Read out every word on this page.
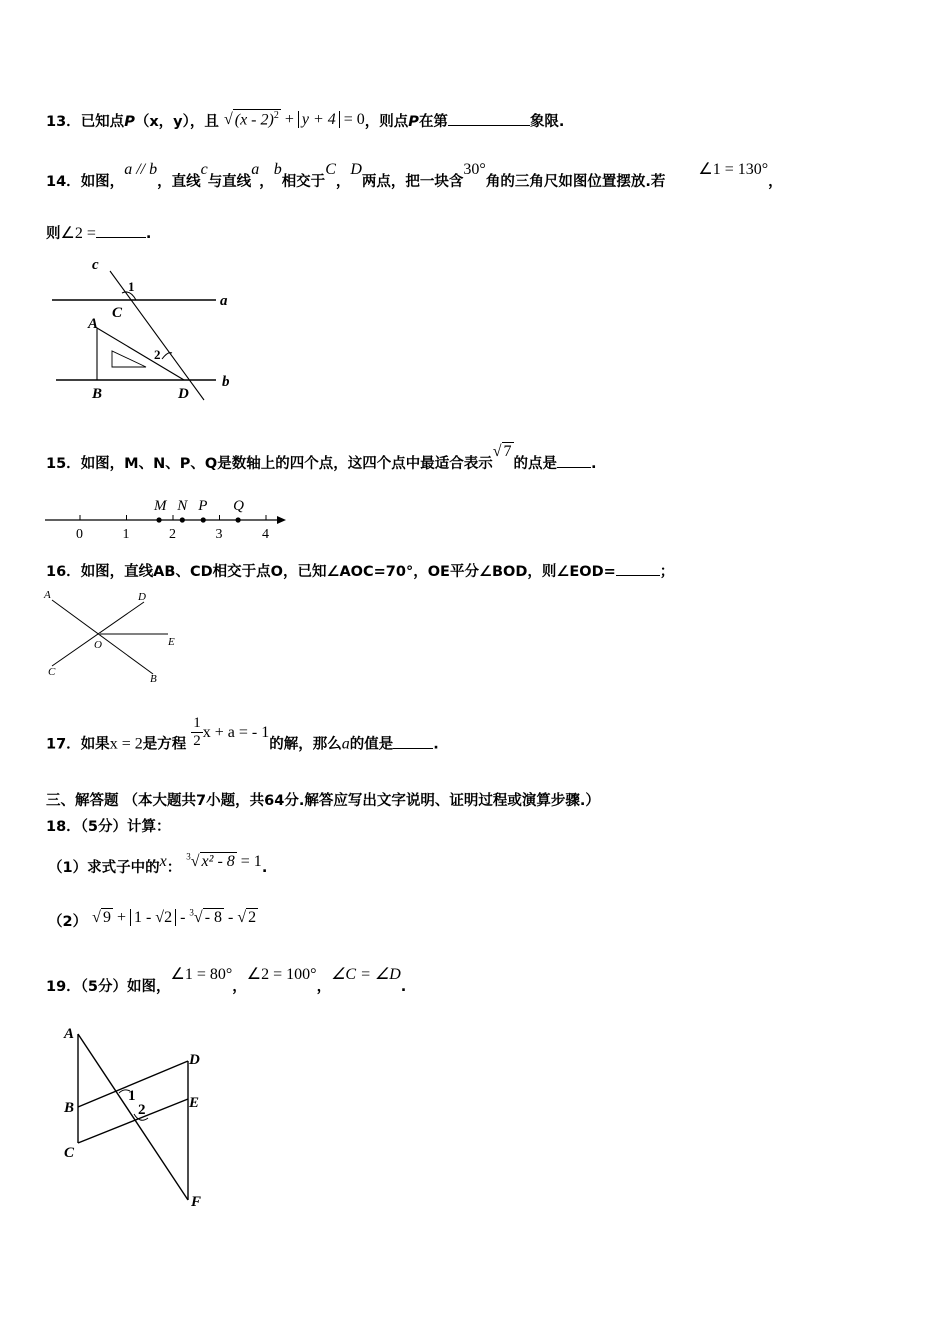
13．已知点P（x，y），且 √ (x - 2)$^2$ + y + 4 = 0，则点P在第	象限.
14．如图，a // b，直线c与直线a，b相交于C，D两点，把一块含30°角的三角尺如图位置摆放.若 ∠1 = 130°，
则∠2 =	.
c
1
C
a
A
2
B	D
b
15．如图，M、N、P、Q是数轴上的四个点，这四个点中最适合表示√ 7的点是 .
0	1	2	3	4
M N P Q
16．如图，直线AB、CD相交于点O，已知∠AOC=70°，OE平分∠BOD，则∠EOD=	；
A	D
O	E
C
B
17．如果x = 2是方程 $\frac{1}{2}$ x + a = - 1的解，那么a的值是	.
三、解答题 （本大题共7小题，共64分.解答应写出文字说明、证明过程或演算步骤.）
18．（5分）计算：
（1）求式子中的x： $^3$√ x² - 8 = 1.
（2） √ 9 + 1 - √2 - $^3$√ - 8 - √ 2
19．（5分）如图，∠1 = 80°，∠2 = 100°，∠C = ∠D.
A
B
C
D
E
F
1
2
